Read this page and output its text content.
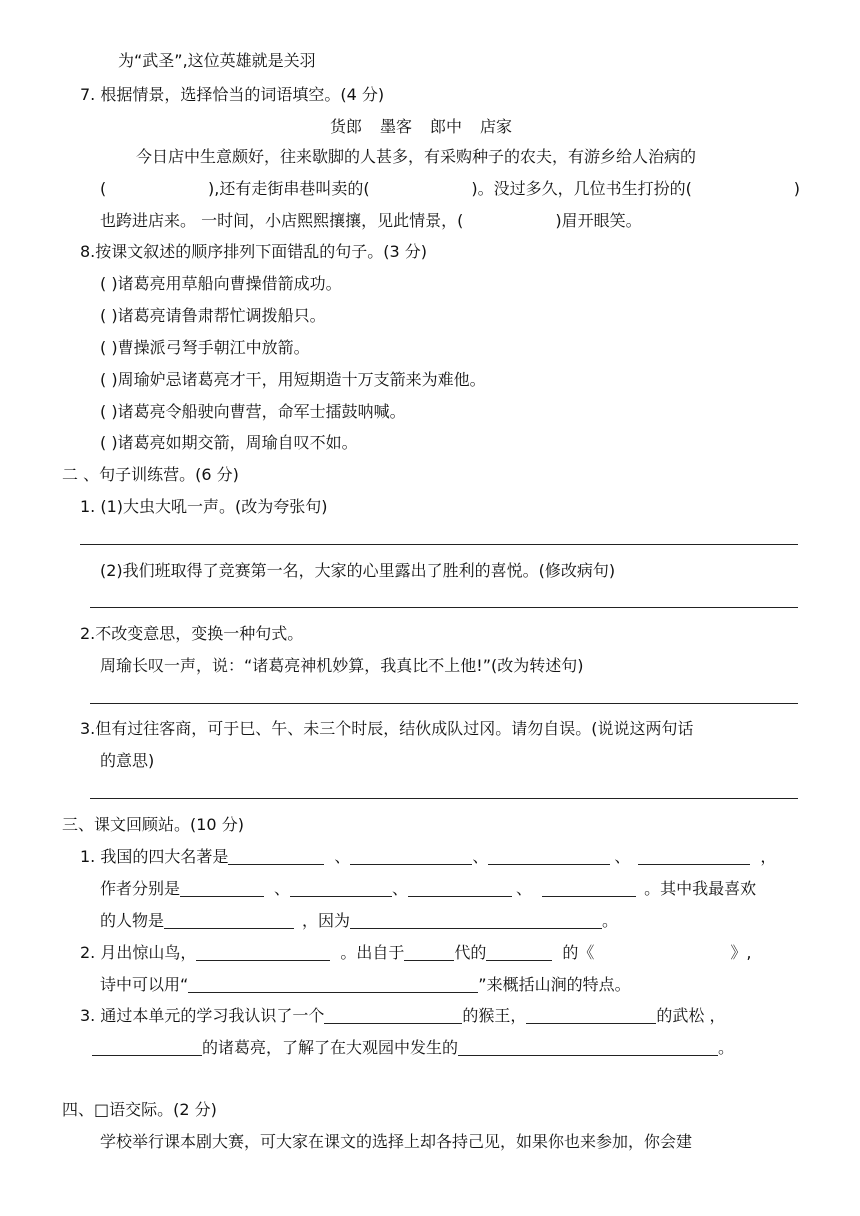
为“武圣”,这位英雄就是关羽
7. 根据情景，选择恰当的词语填空。(4 分)
货郎 墨客 郎中 店家
今日店中生意颇好，往来歇脚的人甚多，有采购种子的农夫，有游乡给人治病的
(	),还有走街串巷叫卖的(	)。没过多久，几位书生打扮的(	)
也跨进店来。 一时间，小店熙熙攘攘，见此情景，(	)眉开眼笑。
8.按课文叙述的顺序排列下面错乱的句子。(3 分)
( )诸葛亮用草船向曹操借箭成功。
( )诸葛亮请鲁肃帮忙调拨船只。
( )曹操派弓弩手朝江中放箭。
( )周瑜妒忌诸葛亮才干，用短期造十万支箭来为难他。
( )诸葛亮令船驶向曹营，命军士擂鼓呐喊。
( )诸葛亮如期交箭，周瑜自叹不如。
二 、句子训练营。(6 分)
1. (1)大虫大吼一声。(改为夸张句)
(2)我们班取得了竞赛第一名，大家的心里露出了胜利的喜悦。(修改病句)
2.不改变意思，变换一种句式。
周瑜长叹一声，说：“诸葛亮神机妙算，我真比不上他!”(改为转述句)
3.但有过往客商，可于巳、午、未三个时辰，结伙成队过冈。请勿自误。(说说这两句话
的意思)
三、课文回顾站。(10 分)
1. 我国的四大名著是	、	、	、	，
作者分别是	、	、	、	。其中我最喜欢
的人物是	，因为	。
2. 月出惊山鸟，	。出自于	代的	的《	》,
诗中可以用“	”来概括山涧的特点。
3. 通过本单元的学习我认识了一个	的猴王，	的武松 ，
的诸葛亮，了解了在大观园中发生的	。
四、□语交际。(2 分)
学校举行课本剧大赛，可大家在课文的选择上却各持己见，如果你也来参加，你会建
